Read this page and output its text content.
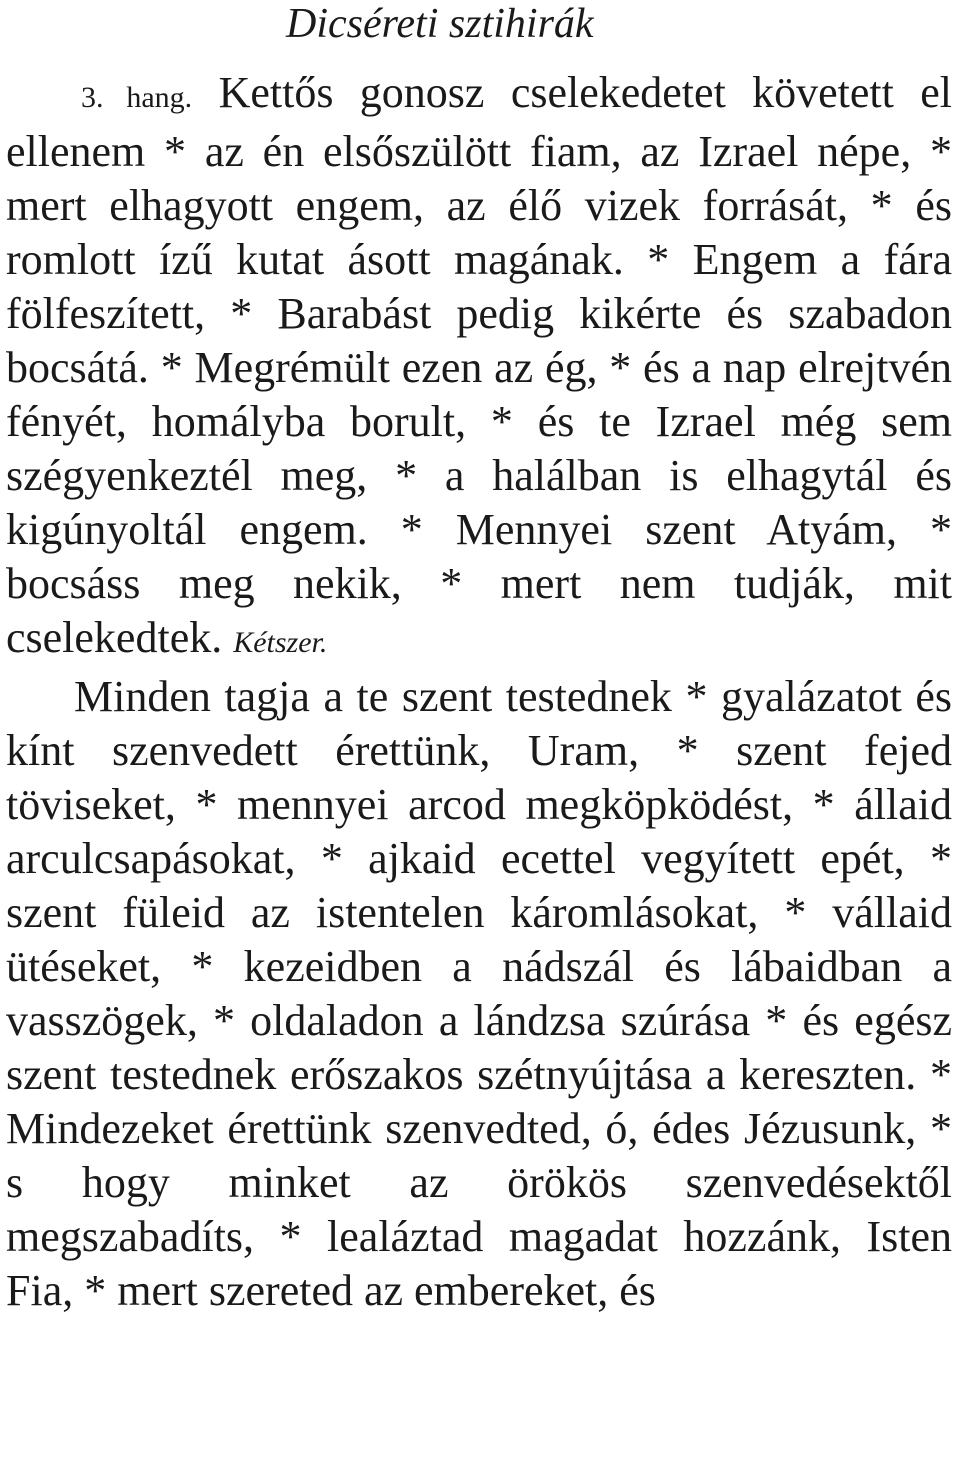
Dicséreti sztihirák

3. hang. Kettős gonosz cselekedetet követett el ellenem * az én elsőszülött fiam, az Izrael népe, * mert elhagyott engem, az élő vizek forrását, * és romlott ízű kutat ásott magának. * Engem a fára fölfeszített, * Barabást pedig kikérte és szabadon bocsátá. * Megrémült ezen az ég, * és a nap elrejtvén fényét, homályba borult, * és te Izrael még sem szégyenkeztél meg, * a halálban is elhagytál és kigúnyoltál engem. * Mennyei szent Atyám, * bocsáss meg nekik, * mert nem tudják, mit cselekedtek. Kétszer.

Minden tagja a te szent testednek * gyalázatot és kínt szenvedett érettünk, Uram, * szent fejed töviseket, * mennyei arcod megköpködést, * állaid arculcsapásokat, * ajkaid ecettel vegyített epét, * szent füleid az istentelen káromlásokat, * vállaid ütéseket, * kezeidben a nádszál és lábaidban a vasszögek, * oldaladon a lándzsa szúrása * és egész szent testednek erőszakos szétnyújtása a kereszten. * Mindezeket érettünk szenvedted, ó, édes Jézusunk, * s hogy minket az örökös szenvedésektől megszabadíts, * lealáztad magadat hozzánk, Isten Fia, * mert szereted az embereket, és
